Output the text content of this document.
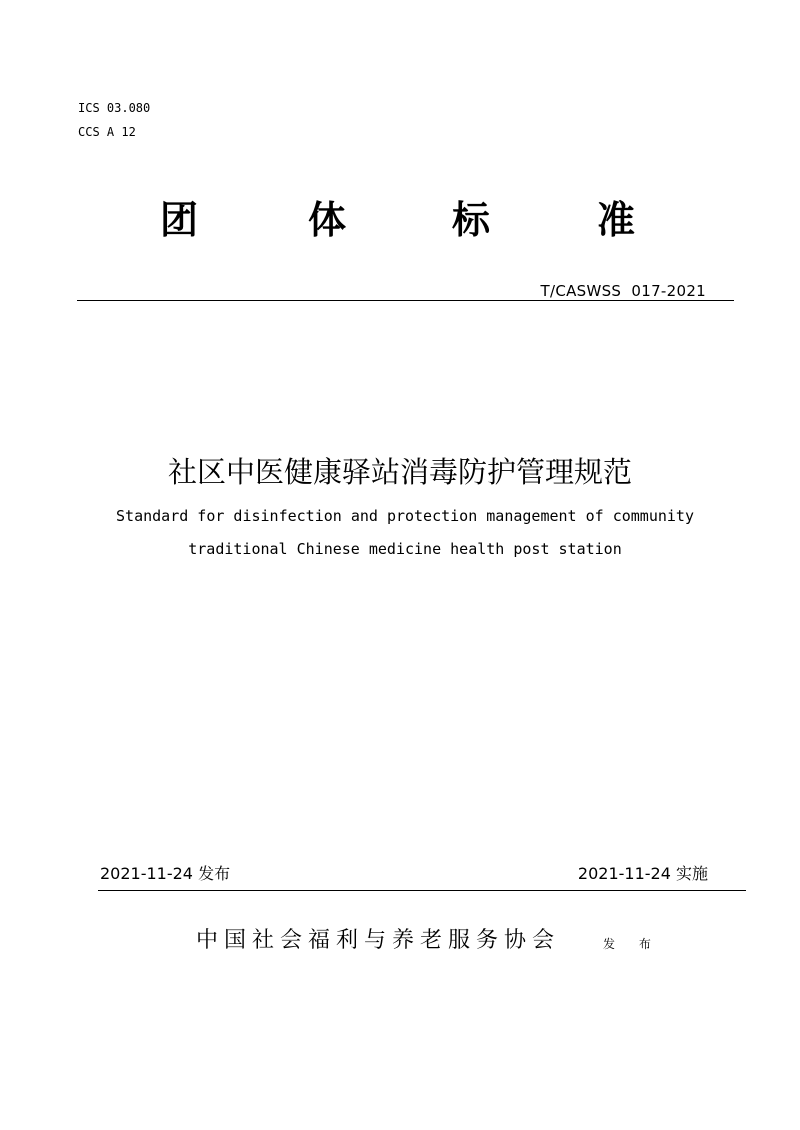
ICS 03.080
CCS A 12
团	体	标	准
T/CASWSS  017-2021
社区中医健康驿站消毒防护管理规范
Standard for disinfection and protection management of community
traditional Chinese medicine health post station
2021-11-24 发布	2021-11-24 实施
中国社会福利与养老服务协会	发 布
